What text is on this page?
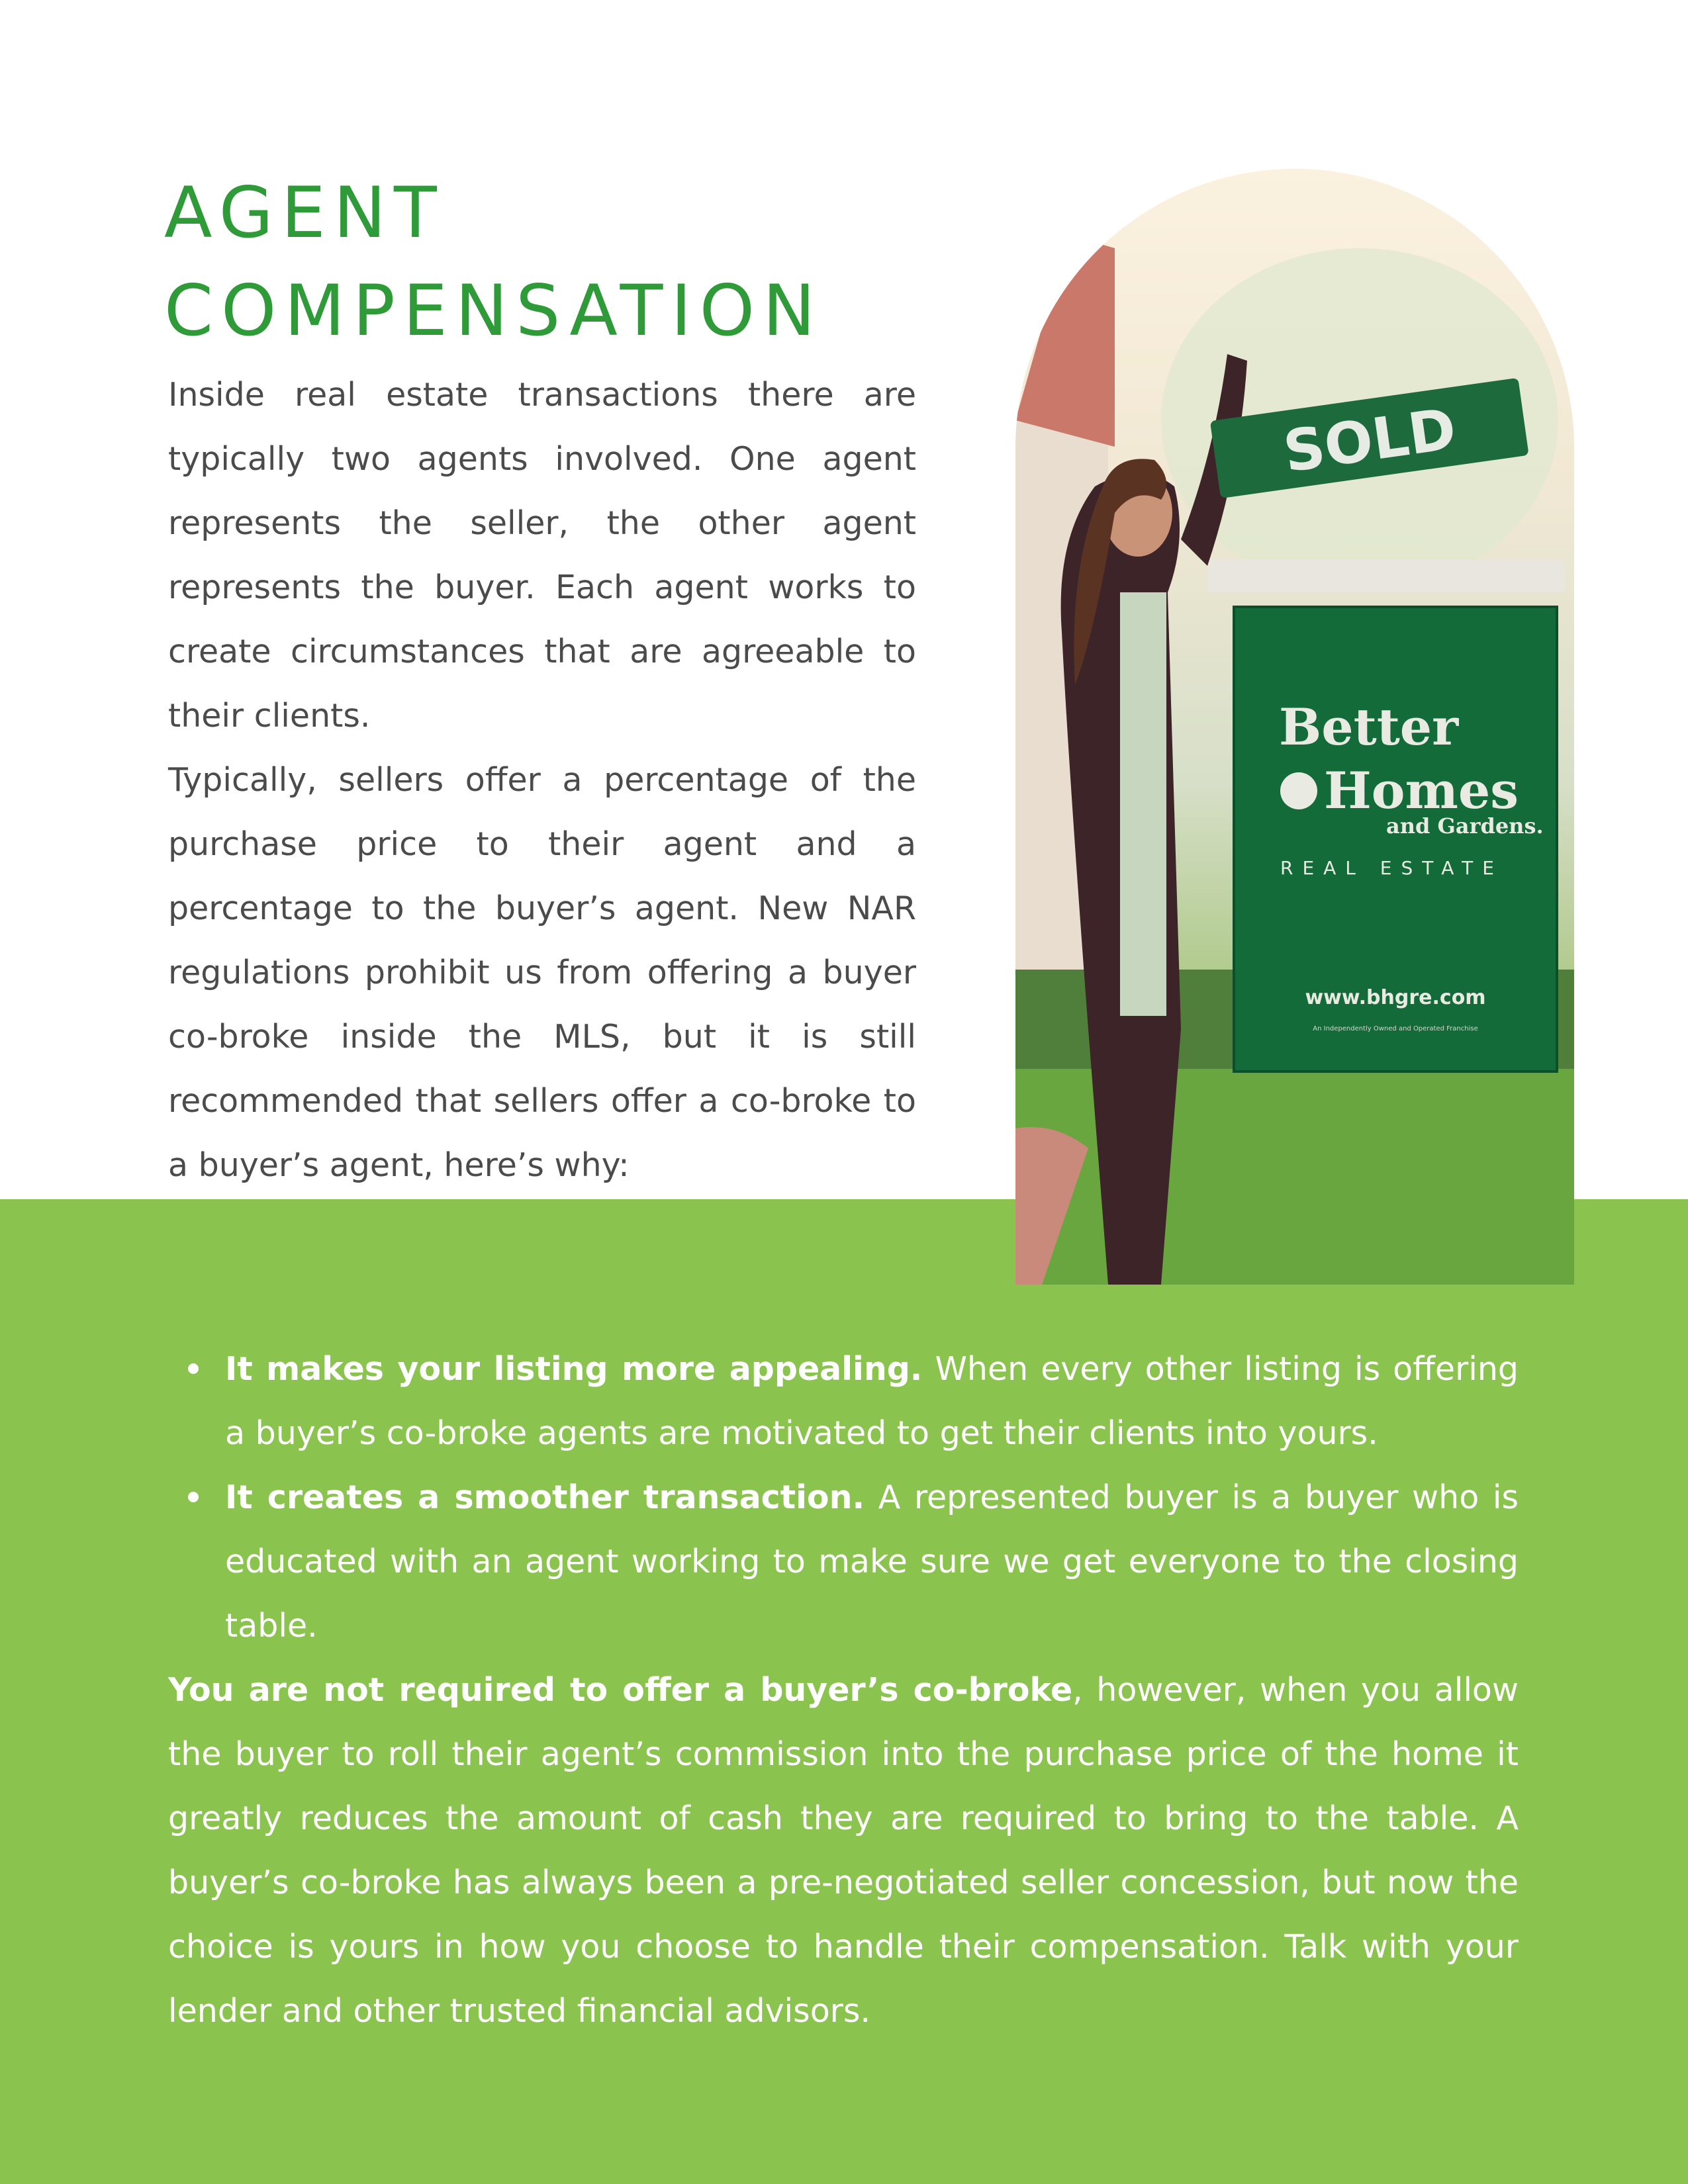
AGENT
COMPENSATION

Inside real estate transactions there are typically two agents involved. One agent represents the seller, the other agent represents the buyer. Each agent works to create circumstances that are agreeable to their clients.

Typically, sellers offer a percentage of the purchase price to their agent and a percentage to the buyer’s agent. New NAR regulations prohibit us from offering a buyer co-broke inside the MLS, but it is still recommended that sellers offer a co-broke to a buyer’s agent, here’s why:

SOLD
Better
Homes
and Gardens.
REAL ESTATE
www.bhgre.com
An Independently Owned and Operated Franchise
It makes your listing more appealing. When every other listing is offering a buyer’s co-broke agents are motivated to get their clients into yours.
It creates a smoother transaction. A represented buyer is a buyer who is educated with an agent working to make sure we get everyone to the closing table.

You are not required to offer a buyer’s co-broke, however, when you allow the buyer to roll their agent’s commission into the purchase price of the home it greatly reduces the amount of cash they are required to bring to the table. A buyer’s co-broke has always been a pre-negotiated seller concession, but now the choice is yours in how you choose to handle their compensation. Talk with your lender and other trusted financial advisors.
